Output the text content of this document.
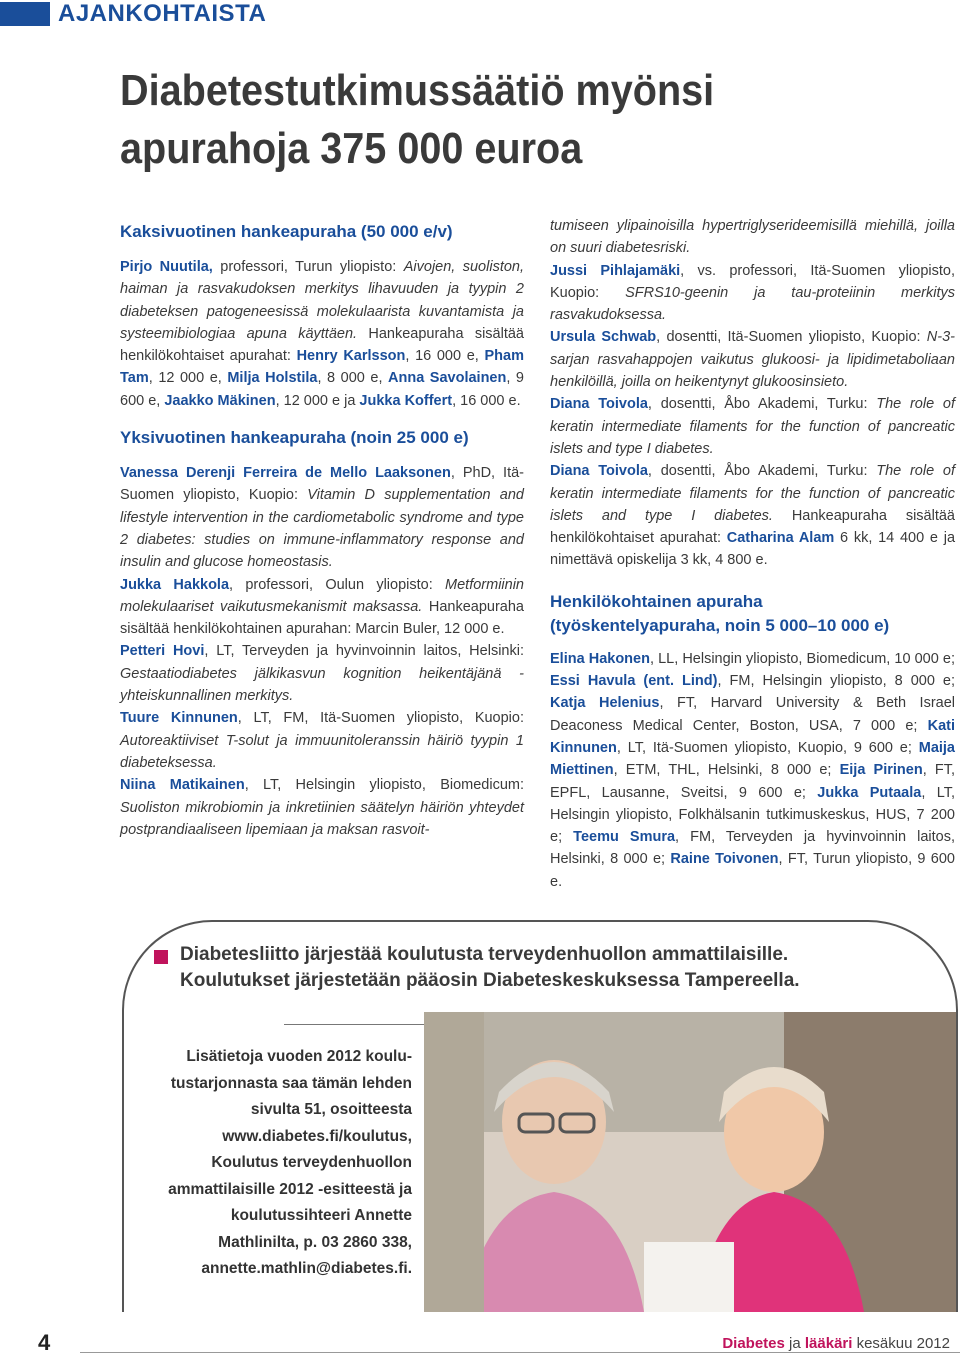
AJANKOHTAISTA
Diabetestutkimussäätiö myönsi
apurahoja 375 000 euroa

Kaksivuotinen hankeapuraha (50 000 e/v)

Pirjo Nuutila, professori, Turun yliopisto: Aivojen, suoliston, haiman ja rasvakudoksen merkitys lihavuuden ja tyypin 2 diabeteksen patogeneesissä molekulaarista kuvantamista ja systeemibiologiaa apuna käyttäen. Hankeapuraha sisältää henkilökohtaiset apurahat: Henry Karlsson, 16 000 e, Pham Tam, 12 000 e, Milja Holstila, 8 000 e, Anna Savolainen, 9 600 e, Jaakko Mäkinen, 12 000 e ja Jukka Koffert, 16 000 e.

Yksivuotinen hankeapuraha (noin 25 000 e)

Vanessa Derenji Ferreira de Mello Laaksonen, PhD, Itä-Suomen yliopisto, Kuopio: Vitamin D supplementation and lifestyle intervention in the cardiometabolic syndrome and type 2 diabetes: studies on immune-inflammatory response and insulin and glucose homeostasis.

Jukka Hakkola, professori, Oulun yliopisto: Metformiinin molekulaariset vaikutusmekanismit maksassa. Hankeapuraha sisältää henkilökohtainen apurahan: Marcin Buler, 12 000 e.

Petteri Hovi, LT, Terveyden ja hyvinvoinnin laitos, Helsinki: Gestaatiodiabetes jälkikasvun kognition heikentäjänä - yhteiskunnallinen merkitys.

Tuure Kinnunen, LT, FM, Itä-Suomen yliopisto, Kuopio: Autoreaktiiviset T-solut ja immuunitoleranssin häiriö tyypin 1 diabeteksessa.

Niina Matikainen, LT, Helsingin yliopisto, Biomedicum: Suoliston mikrobiomin ja inkretiinien säätelyn häiriön yhteydet postprandiaaliseen lipemiaan ja maksan rasvoit-

tumiseen ylipainoisilla hypertriglyserideemisillä miehillä, joilla on suuri diabetesriski.

Jussi Pihlajamäki, vs. professori, Itä-Suomen yliopisto, Kuopio: SFRS10-geenin ja tau-proteiinin merkitys rasvakudoksessa.

Ursula Schwab, dosentti, Itä-Suomen yliopisto, Kuopio: N-3-sarjan rasvahappojen vaikutus glukoosi- ja lipidimetaboliaan henkilöillä, joilla on heikentynyt glukoosinsieto.

Diana Toivola, dosentti, Åbo Akademi, Turku: The role of keratin intermediate filaments for the function of pancreatic islets and type I diabetes.

Diana Toivola, dosentti, Åbo Akademi, Turku: The role of keratin intermediate filaments for the function of pancreatic islets and type I diabetes. Hankeapuraha sisältää henkilökohtaiset apurahat: Catharina Alam 6 kk, 14 400 e ja nimettävä opiskelija 3 kk, 4 800 e.

Henkilökohtainen apuraha

(työskentelyapuraha, noin 5 000–10 000 e)

Elina Hakonen, LL, Helsingin yliopisto, Biomedicum, 10 000 e; Essi Havula (ent. Lind), FM, Helsingin yliopisto, 8 000 e; Katja Helenius, FT, Harvard University & Beth Israel Deaconess Medical Center, Boston, USA, 7 000 e; Kati Kinnunen, LT, Itä-Suomen yliopisto, Kuopio, 9 600 e; Maija Miettinen, ETM, THL, Helsinki, 8 000 e; Eija Pirinen, FT, EPFL, Lausanne, Sveitsi, 9 600 e; Jukka Putaala, LT, Helsingin yliopisto, Folkhälsanin tutkimuskeskus, HUS, 7 200 e; Teemu Smura, FM, Terveyden ja hyvinvoinnin laitos, Helsinki, 8 000 e; Raine Toivonen, FT, Turun yliopisto, 9 600 e.

Diabetesliitto järjestää koulutusta terveydenhuollon ammattilaisille.
Koulutukset järjestetään pääosin Diabeteskeskuksessa Tampereella.
Lisätietoja vuoden 2012 koulu-
tustarjonnasta saa tämän lehden
sivulta 51, osoitteesta
www.diabetes.fi/koulutus,
Koulutus terveydenhuollon
ammattilaisille 2012 -esitteestä ja
koulutussihteeri Annette
Mathlinilta, p. 03 2860 338,
annette.mathlin@diabetes.fi.
4	Diabetes ja lääkäri kesäkuu 2012
